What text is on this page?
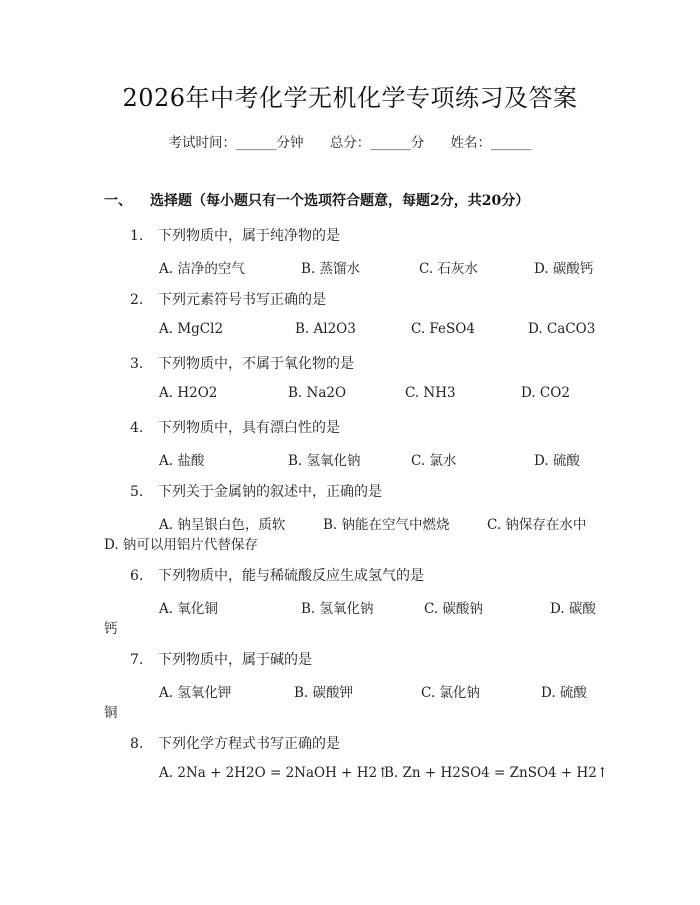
2026年中考化学无机化学专项练习及答案
考试时间：______分钟 总分：______分 姓名：______
一、 选择题（每小题只有一个选项符合题意，每题2分，共20分）
1. 下列物质中，属于纯净物的是
A. 洁净的空气	B. 蒸馏水	C. 石灰水	D. 碳酸钙
2. 下列元素符号书写正确的是
A. MgCl2	B. Al2O3	C. FeSO4	D. CaCO3
3. 下列物质中，不属于氧化物的是
A. H2O2	B. Na2O	C. NH3	D. CO2
4. 下列物质中，具有漂白性的是
A. 盐酸	B. 氢氧化钠	C. 氯水	D. 硫酸
5. 下列关于金属钠的叙述中，正确的是
A. 钠呈银白色，质软	B. 钠能在空气中燃烧	C. 钠保存在水中
D. 钠可以用铝片代替保存
6. 下列物质中，能与稀硫酸反应生成氢气的是
A. 氧化铜	B. 氢氧化钠	C. 碳酸钠	D. 碳酸
钙
7. 下列物质中，属于碱的是
A. 氢氧化钾	B. 碳酸钾	C. 氯化钠	D. 硫酸
铜
8. 下列化学方程式书写正确的是
A. 2Na + 2H2O = 2NaOH + H2↑
B. Zn + H2SO4 = ZnSO4 + H2↑
